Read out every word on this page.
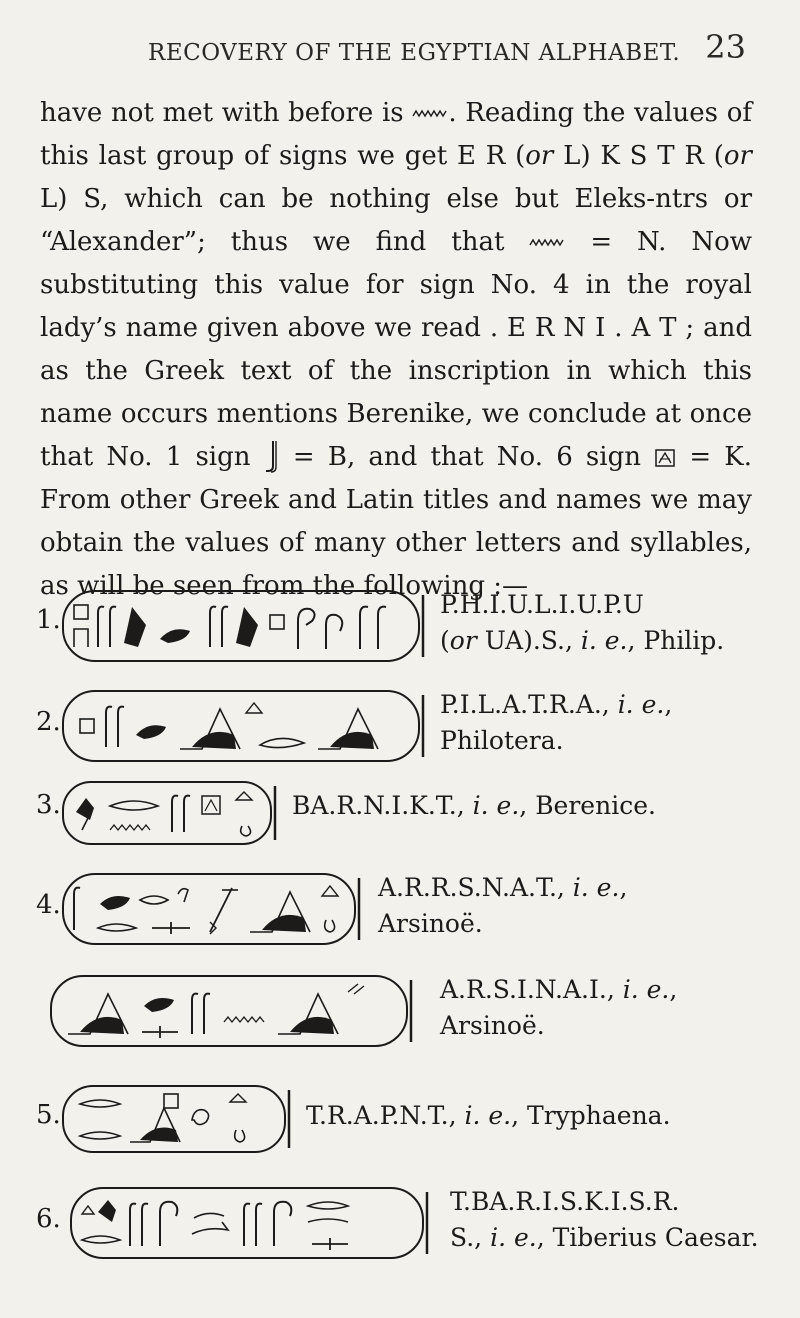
RECOVERY OF THE EGYPTIAN ALPHABET. 23

have not met with before is . Reading the values of this last group of signs we get E R (or L) K S T R (or L) S, which can be nothing else but Eleks-ntrs or “Alexander”; thus we find that	= N. Now substituting this value for sign No. 4 in the royal lady’s name given above we read . E R N I . A T ; and as the Greek text of the inscription in which this name occurs mentions Berenike, we conclude at once that No. 1 sign = B, and that No. 6 sign = K. From other Greek and Latin titles and names we may obtain the values of many other letters and syllables, as will be seen from the following :—

1.
P.H.I.U.L.I.U.P.U
(or UA).S., i. e., Philip.
2.
P.I.L.A.T.R.A., i. e.,
Philotera.
3.	BA.R.N.I.K.T., i. e., Berenice.
4.
A.R.R.S.N.A.T., i. e.,
Arsinoë.
A.R.S.I.N.A.I., i. e.,
Arsinoë.
5.	T.R.A.P.N.T., i. e., Tryphaena.
6.
T.BA.R.I.S.K.I.S.R.
S., i. e., Tiberius Caesar.
